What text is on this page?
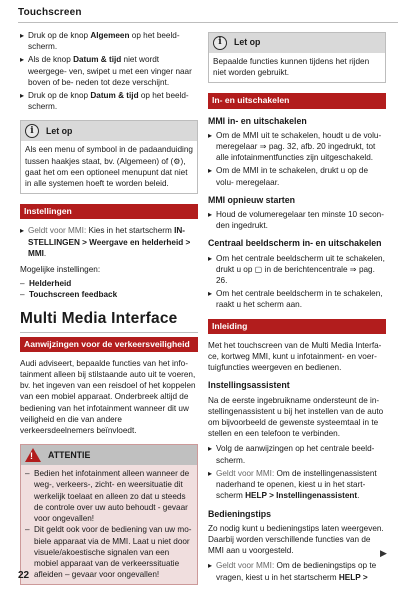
Touchscreen
▸ Druk op de knop Algemeen op het beeld- scherm.
▸ Als de knop Datum & tijd niet wordt weergege- ven, swipet u met een vinger naar boven of be- neden tot deze verschijnt.
▸ Druk op de knop Datum & tijd op het beeld- scherm.
i	Let op
Als een menu of symbool in de padaanduiding tussen haakjes staat, bv. (Algemeen) of (⚙), gaat het om een optioneel menupunt dat niet in alle systemen hoeft te worden beleid.
Instellingen
▸ Geldt voor MMI: Kies in het startscherm IN- STELLINGEN > Weergave en helderheid > MMI.

Mogelijke instellingen:

– Helderheid
– Touchscreen feedback
Multi Media Interface
Aanwijzingen voor de verkeersveiligheid

Audi adviseert, bepaalde functies van het info- tainment alleen bij stilstaande auto uit te voeren, bv. het ingeven van een reisdoel of het koppelen van een mobiel apparaat. Onderbreek altijd de bediening van het infotainment wanneer dit uw veiligheid en die van andere verkeersdeelnemers beïnvloedt.

! ATTENTIE
– Bedien het infotainment alleen wanneer de weg-, verkeers-, zicht- en weersituatie dit werkelijk toelaat en alleen zo dat u steeds de controle over uw auto behoudt - gevaar voor ongevallen!
– Dit geldt ook voor de bediening van uw mo- biele apparaat via de MMI. Laat u niet door visuele/akoestische signalen van een mobiel apparaat van de verkeerssituatie afleiden – gevaar voor ongevallen!
i	Let op
Bepaalde functies kunnen tijdens het rijden niet worden gebruikt.
In- en uitschakelen
MMI in- en uitschakelen
▸ Om de MMI uit te schakelen, houdt u de volu- meregelaar ⇒ pag. 32, afb. 20 ingedrukt, tot alle infotainmentfuncties zijn uitgeschakeld.
▸ Om de MMI in te schakelen, drukt u op de volu- meregelaar.
MMI opnieuw starten
▸ Houd de volumeregelaar ten minste 10 secon- den ingedrukt.
Centraal beeldscherm in- en uitschakelen
▸ Om het centrale beeldscherm uit te schakelen, drukt u op ▢ in de berichtencentrale ⇒ pag. 26.
▸ Om het centrale beeldscherm in te schakelen, raakt u het scherm aan.
Inleiding

Met het touchscreen van de Multi Media Interfa- ce, kortweg MMI, kunt u infotainment- en voer- tuigfuncties weergeven en bedienen.

Instellingsassistent

Na de eerste ingebruikname ondersteunt de in- stellingenassistent u bij het instellen van de auto om bijvoorbeeld de gewenste systeemtaal in te stellen en een telefoon te verbinden.

▸ Volg de aanwijzingen op het centrale beeld- scherm.
▸ Geldt voor MMI: Om de instellingenassistent naderhand te openen, kiest u in het start- scherm HELP > Instellingenassistent.
Bedieningstips

Zo nodig kunt u bedieningstips laten weergeven. Daarbij worden verschillende functies van de MMI aan u voorgesteld.

▸ Geldt voor MMI: Om de bedieningstips op te vragen, kiest u in het startscherm HELP >
▶
22
